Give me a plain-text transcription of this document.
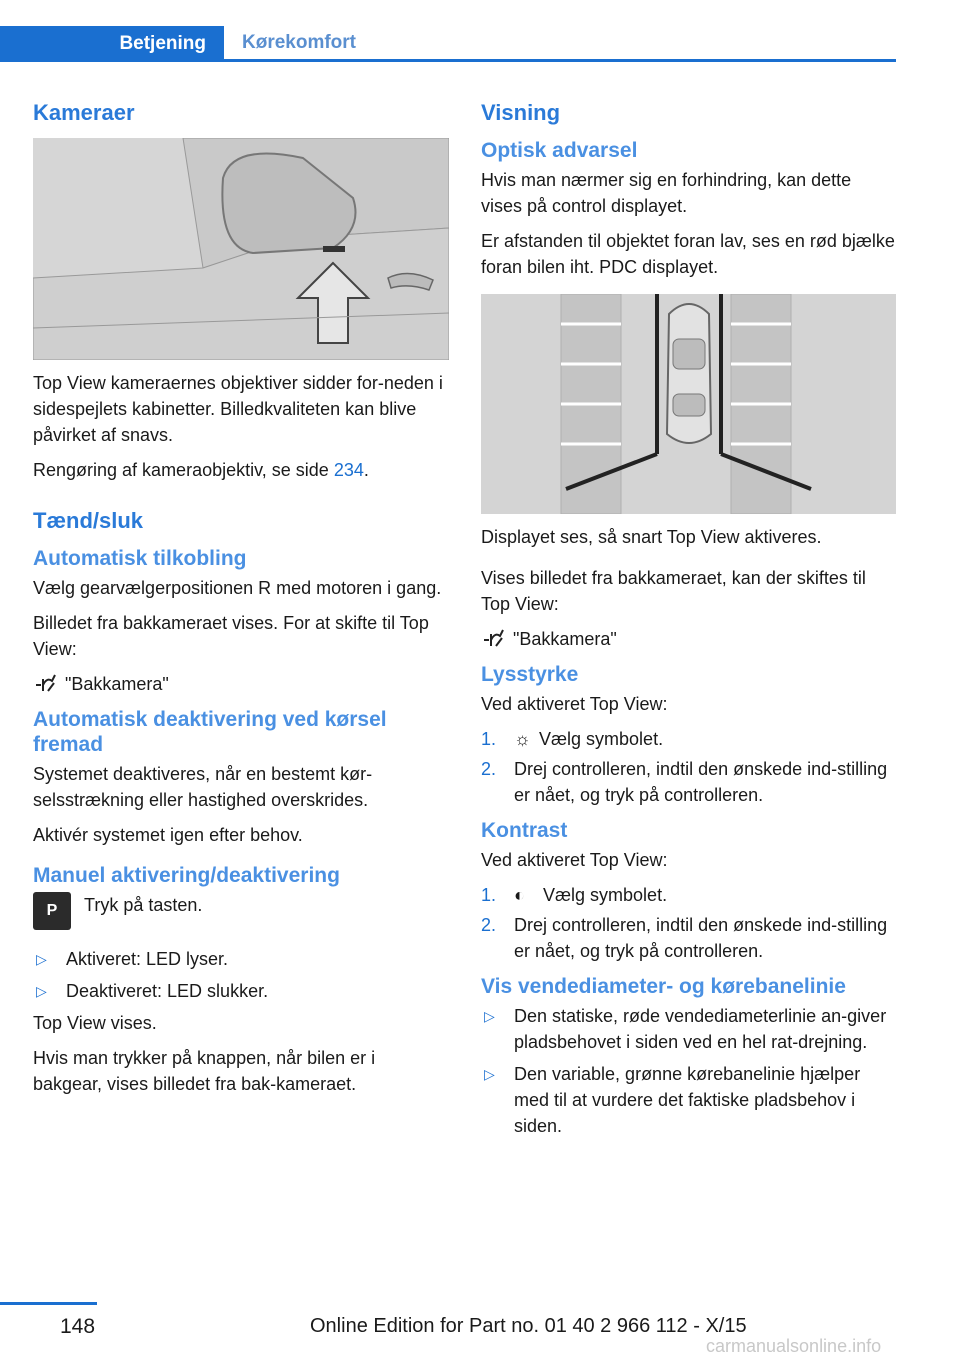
Betjening	Kørekomfort
Kameraer

Top View kameraernes objektiver sidder for-neden i sidespejlets kabinetter. Billedkvaliteten kan blive påvirket af snavs.

Rengøring af kameraobjektiv, se side 234.

Tænd/sluk
Automatisk tilkobling

Vælg gearvælgerpositionen R med motoren i gang.

Billedet fra bakkameraet vises. For at skifte til Top View:

"Bakkamera"
Automatisk deaktivering ved kørsel fremad

Systemet deaktiveres, når en bestemt kør-selsstrækning eller hastighed overskrides.

Aktivér systemet igen efter behov.

Manuel aktivering/deaktivering
P	Tryk på tasten.
▷ Aktiveret: LED lyser.
▷ Deaktiveret: LED slukker.

Top View vises.

Hvis man trykker på knappen, når bilen er i bakgear, vises billedet fra bak-kameraet.

Visning
Optisk advarsel

Hvis man nærmer sig en forhindring, kan dette vises på control displayet.

Er afstanden til objektet foran lav, ses en rød bjælke foran bilen iht. PDC displayet.

Displayet ses, så snart Top View aktiveres.

Vises billedet fra bakkameraet, kan der skiftes til Top View:

"Bakkamera"
Lysstyrke

Ved aktiveret Top View:

1. ☼ Vælg symbolet.
2. Drej controlleren, indtil den ønskede ind-stilling er nået, og tryk på controlleren.
Kontrast

Ved aktiveret Top View:

1. ◐ Vælg symbolet.
2. Drej controlleren, indtil den ønskede ind-stilling er nået, og tryk på controlleren.
Vis vendediameter- og kørebanelinie
▷ Den statiske, røde vendediameterlinie an-giver pladsbehovet i siden ved en hel rat-drejning.
▷ Den variable, grønne kørebanelinie hjælper med til at vurdere det faktiske pladsbehov i siden.
148	Online Edition for Part no. 01 40 2 966 112 - X/15
carmanualsonline.info
